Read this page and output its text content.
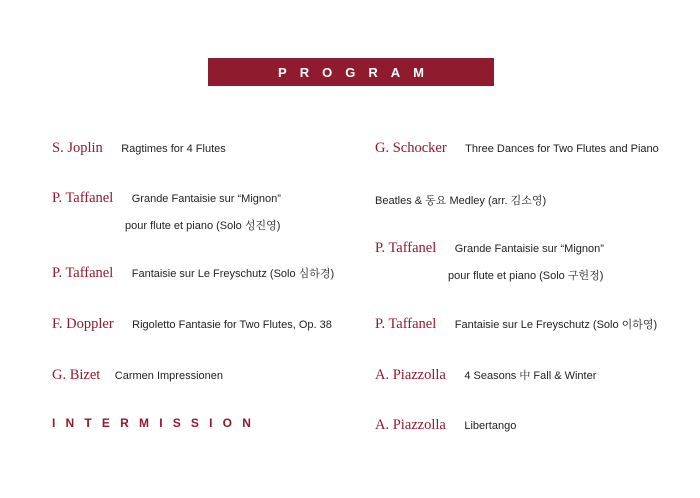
PROGRAM
S. Joplin Ragtimes for 4 Flutes
P. Taffanel Grande Fantaisie sur “Mignon”
pour flute et piano (Solo 성진영)
P. Taffanel Fantaisie sur Le Freyschutz (Solo 심하경)
F. Doppler Rigoletto Fantasie for Two Flutes, Op. 38
G. Bizet Carmen Impressionen
INTERMISSION
G. Schocker Three Dances for Two Flutes and Piano
Beatles & 동요 Medley (arr. 김소영)
P. Taffanel Grande Fantaisie sur “Mignon”
pour flute et piano (Solo 구헌정)
P. Taffanel Fantaisie sur Le Freyschutz (Solo 이하영)
A. Piazzolla 4 Seasons 中 Fall & Winter
A. Piazzolla Libertango
